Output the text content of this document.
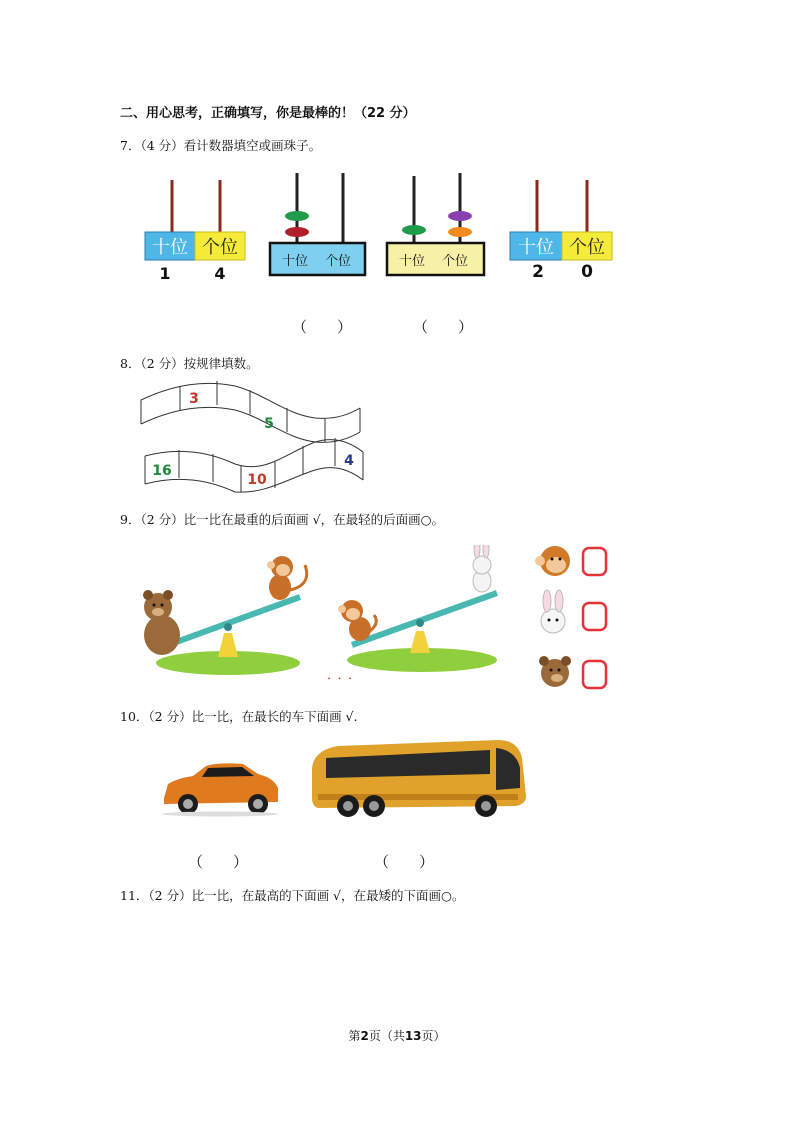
二、用心思考，正确填写，你是最棒的！（22 分）
7．（4 分）看计数器填空或画珠子。
十位 个位
1	4
十位 个位	十位 个位
十位 个位
2 0
（　　）	（　　）
8．（2 分）按规律填数。
3
5
16
10
4
9．（2 分）比一比在最重的后面画 √，在最轻的后面画○。
．．．
10．（2 分）比一比，在最长的车下面画 √.
（　　）	（　　）
11．（2 分）比一比，在最高的下面画 √，在最矮的下面画○。
第2页（共13页）
